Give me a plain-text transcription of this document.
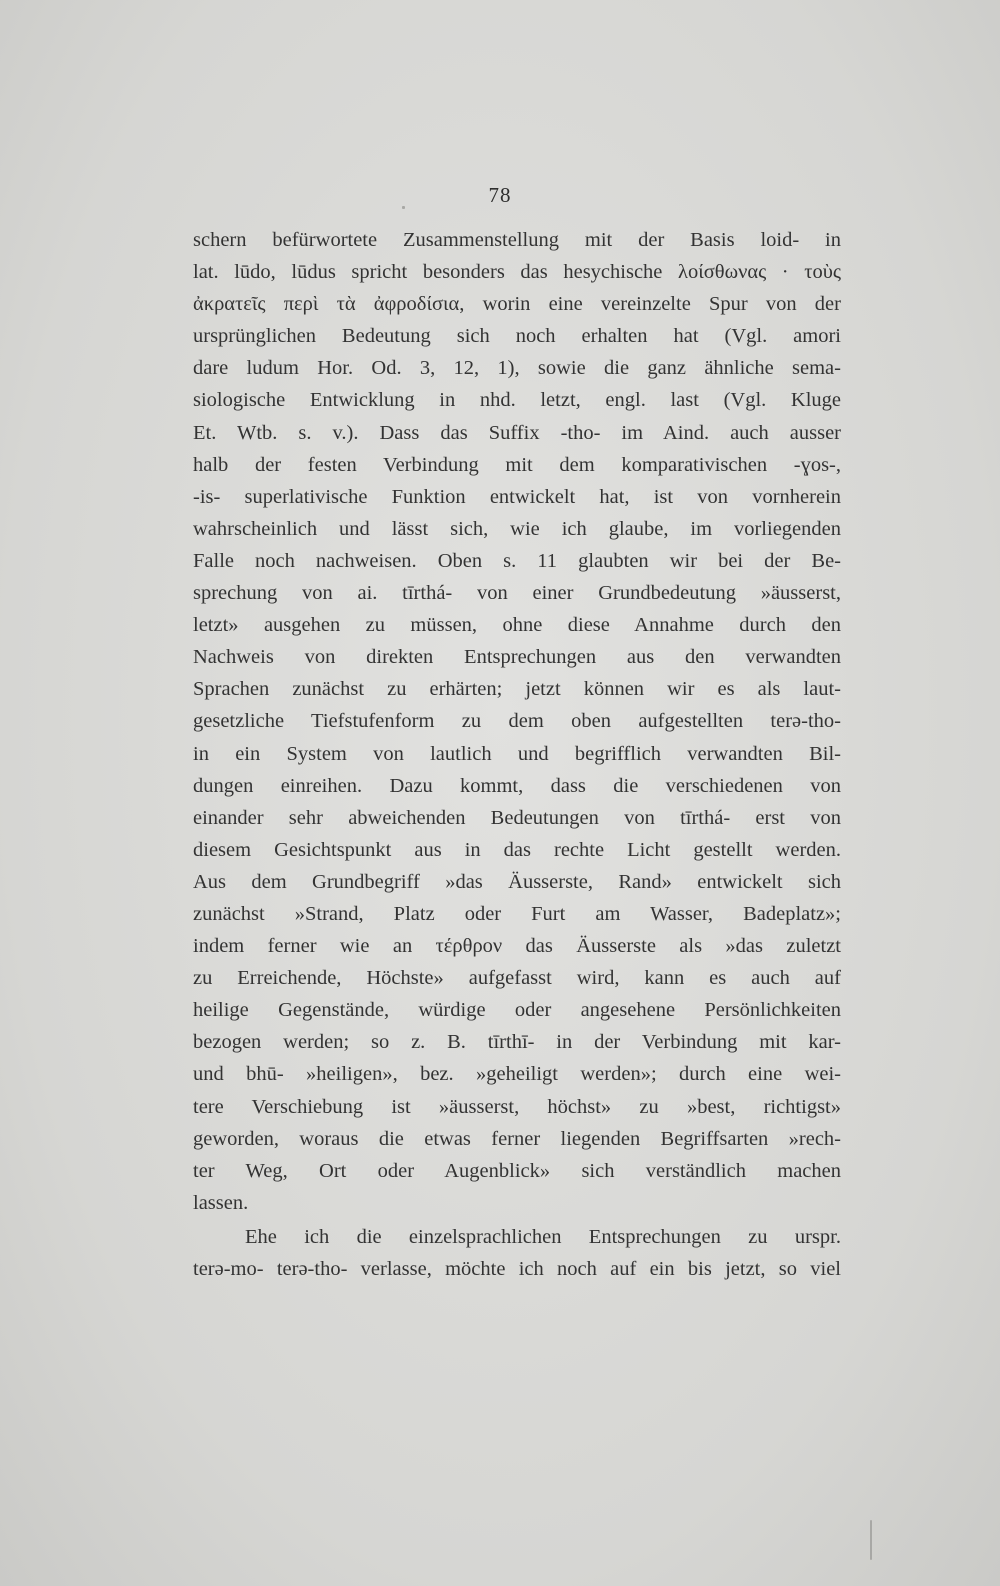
78
schern befürwortete Zusammenstellung mit der Basis loid- in
lat. lūdo, lūdus spricht besonders das hesychische λοίσθωνας · τοὺς
ἀκρατεῖς περὶ τὰ ἀφροδίσια, worin eine vereinzelte Spur von der
ursprünglichen Bedeutung sich noch erhalten hat (Vgl. amori
dare ludum Hor. Od. 3, 12, 1), sowie die ganz ähnliche sema-
siologische Entwicklung in nhd. letzt, engl. last (Vgl. Kluge
Et. Wtb. s. v.). Dass das Suffix -tho- im Aind. auch ausser
halb der festen Verbindung mit dem komparativischen -ɣos-,
-is- superlativische Funktion entwickelt hat, ist von vornherein
wahrscheinlich und lässt sich, wie ich glaube, im vorliegenden
Falle noch nachweisen. Oben s. 11 glaubten wir bei der Be-
sprechung von ai. tīrthá- von einer Grundbedeutung »äusserst,
letzt» ausgehen zu müssen, ohne diese Annahme durch den
Nachweis von direkten Entsprechungen aus den verwandten
Sprachen zunächst zu erhärten; jetzt können wir es als laut-
gesetzliche Tiefstufenform zu dem oben aufgestellten terə-tho-
in ein System von lautlich und begrifflich verwandten Bil-
dungen einreihen. Dazu kommt, dass die verschiedenen von
einander sehr abweichenden Bedeutungen von tīrthá- erst von
diesem Gesichtspunkt aus in das rechte Licht gestellt werden.
Aus dem Grundbegriff »das Äusserste, Rand» entwickelt sich
zunächst »Strand, Platz oder Furt am Wasser, Badeplatz»;
indem ferner wie an τέρθρον das Äusserste als »das zuletzt
zu Erreichende, Höchste» aufgefasst wird, kann es auch auf
heilige Gegenstände, würdige oder angesehene Persönlichkeiten
bezogen werden; so z. B. tīrthī- in der Verbindung mit kar-
und bhū- »heiligen», bez. »geheiligt werden»; durch eine wei-
tere Verschiebung ist »äusserst, höchst» zu »best, richtigst»
geworden, woraus die etwas ferner liegenden Begriffsarten »rech-
ter Weg, Ort oder Augenblick» sich verständlich machen
lassen.
Ehe ich die einzelsprachlichen Entsprechungen zu urspr.
terə-mo- terə-tho- verlasse, möchte ich noch auf ein bis jetzt, so viel
